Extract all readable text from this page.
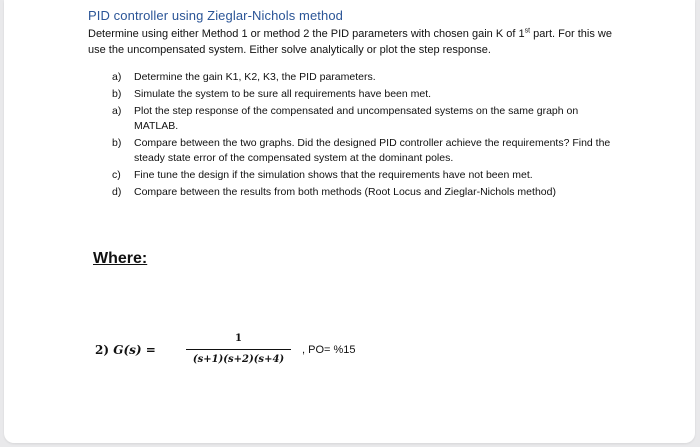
PID controller using Zieglar-Nichols method
Determine using either Method 1 or method 2 the PID parameters with chosen gain K of 1st part. For this we use the uncompensated system. Either solve analytically or plot the step response.
a)	Determine the gain K1, K2, K3, the PID parameters.
b)	Simulate the system to be sure all requirements have been met.
a)	Plot the step response of the compensated and uncompensated systems on the same graph on MATLAB.
b)	Compare between the two graphs. Did the designed PID controller achieve the requirements? Find the steady state error of the compensated system at the dominant poles.
c)	Fine tune the design if the simulation shows that the requirements have not been met.
d)	Compare between the results from both methods (Root Locus and Zieglar-Nichols method)
Where:
2) G(s) =
1
(s+1)(s+2)(s+4)
, PO= %15
